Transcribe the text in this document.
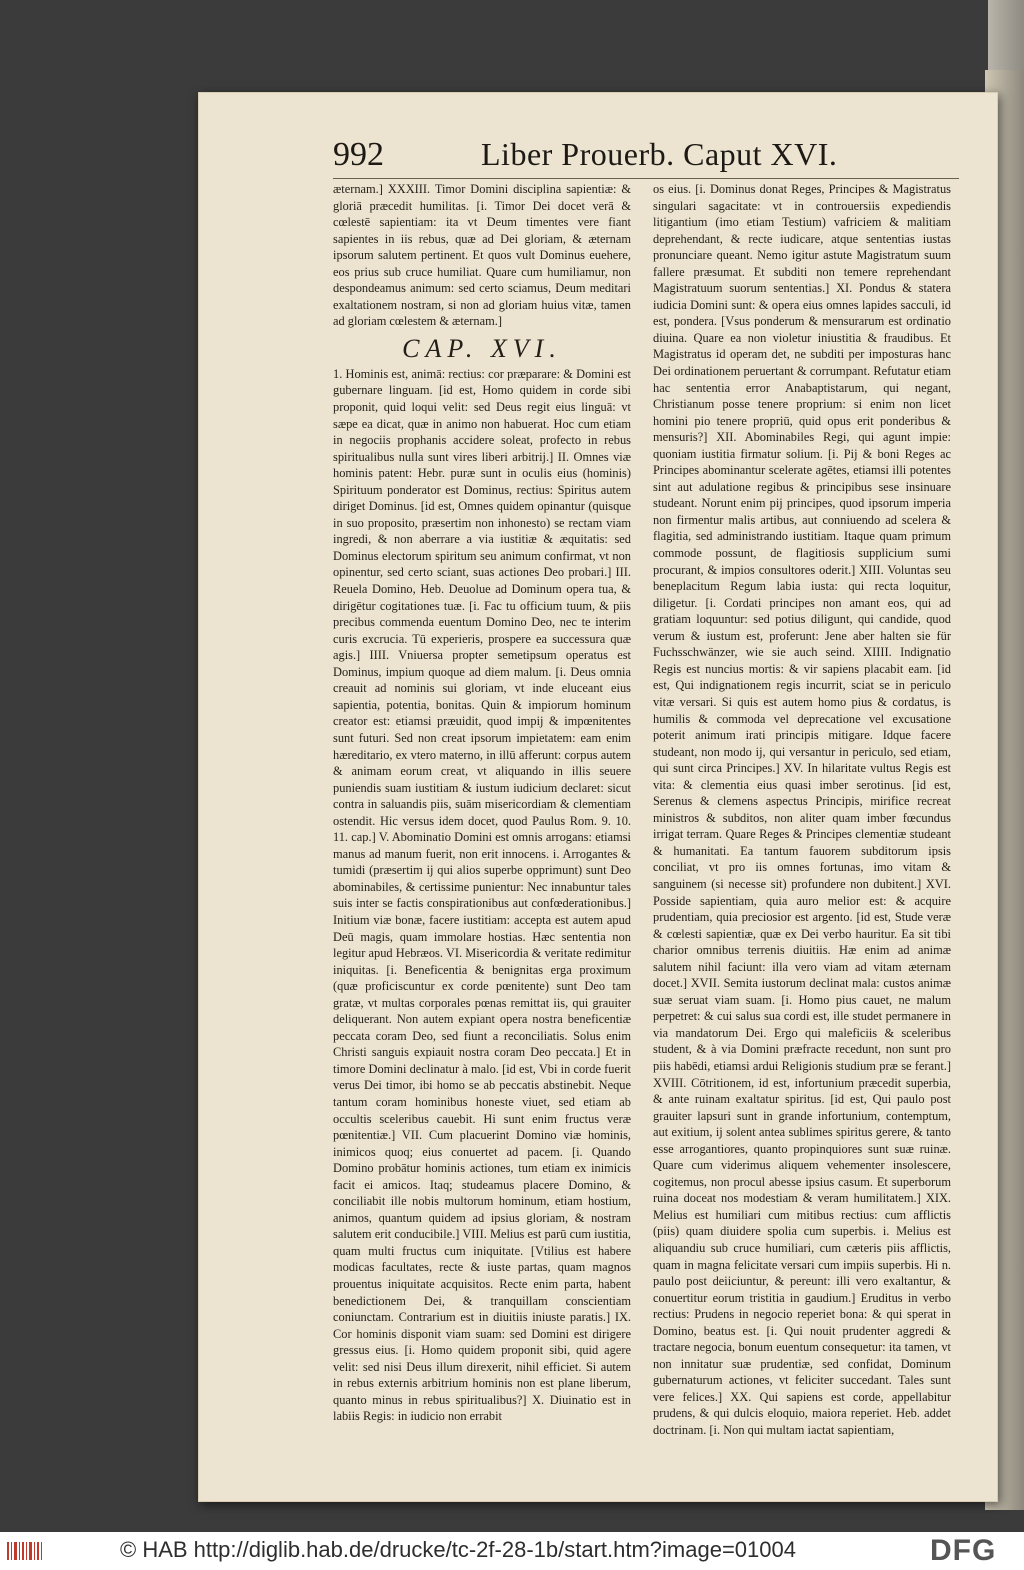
992	Liber Prouerb. Caput XVI.

æternam.] XXXIII. Timor Domini disciplina sapientiæ: & gloriā præcedit humilitas. [i. Timor Dei docet verā & cœlestē sapientiam: ita vt Deum timentes vere fiant sapientes in iis rebus, quæ ad Dei gloriam, & æternam ipsorum salutem pertinent. Et quos vult Dominus euehere, eos prius sub cruce humiliat. Quare cum humiliamur, non despondeamus animum: sed certo sciamus, Deum meditari exaltationem nostram, si non ad gloriam huius vitæ, tamen ad gloriam cœlestem & æternam.]

CAP. XVI.

1. Hominis est, animā: rectius: cor præparare: & Domini est gubernare linguam. [id est, Homo quidem in corde sibi proponit, quid loqui velit: sed Deus regit eius linguā: vt sæpe ea dicat, quæ in animo non habuerat. Hoc cum etiam in negociis prophanis accidere soleat, profecto in rebus spiritualibus nulla sunt vires liberi arbitrij.] II. Omnes viæ hominis patent: Hebr. puræ sunt in oculis eius (hominis) Spirituum ponderator est Dominus, rectius: Spiritus autem diriget Dominus. [id est, Omnes quidem opinantur (quisque in suo proposito, præsertim non inhonesto) se rectam viam ingredi, & non aberrare a via iustitiæ & æquitatis: sed Dominus electorum spiritum seu animum confirmat, vt non opinentur, sed certo sciant, suas actiones Deo probari.] III. Reuela Domino, Heb. Deuolue ad Dominum opera tua, & dirigētur cogitationes tuæ. [i. Fac tu officium tuum, & piis precibus commenda euentum Domino Deo, nec te interim curis excrucia. Tū experieris, prospere ea successura quæ agis.] IIII. Vniuersa propter semetipsum operatus est Dominus, impium quoque ad diem malum. [i. Deus omnia creauit ad nominis sui gloriam, vt inde eluceant eius sapientia, potentia, bonitas. Quin & impiorum hominum creator est: etiamsi præuidit, quod impij & impœnitentes sunt futuri. Sed non creat ipsorum impietatem: eam enim hæreditario, ex vtero materno, in illū afferunt: corpus autem & animam eorum creat, vt aliquando in illis seuere puniendis suam iustitiam & iustum iudicium declaret: sicut contra in saluandis piis, suām misericordiam & clementiam ostendit. Hic versus idem docet, quod Paulus Rom. 9. 10. 11. cap.] V. Abominatio Domini est omnis arrogans: etiamsi manus ad manum fuerit, non erit innocens. i. Arrogantes & tumidi (præsertim ij qui alios superbe opprimunt) sunt Deo abominabiles, & certissime punientur: Nec innabuntur tales suis inter se factis conspirationibus aut confœderationibus.] Initium viæ bonæ, facere iustitiam: accepta est autem apud Deū magis, quam immolare hostias. Hæc sententia non legitur apud Hebræos. VI. Misericordia & veritate redimitur iniquitas. [i. Beneficentia & benignitas erga proximum (quæ proficiscuntur ex corde pœnitente) sunt Deo tam gratæ, vt multas corporales pœnas remittat iis, qui grauiter deliquerant. Non autem expiant opera nostra beneficentiæ peccata coram Deo, sed fiunt a reconciliatis. Solus enim Christi sanguis expiauit nostra coram Deo peccata.] Et in timore Domini declinatur à malo. [id est, Vbi in corde fuerit verus Dei timor, ibi homo se ab peccatis abstinebit. Neque tantum coram hominibus honeste viuet, sed etiam ab occultis sceleribus cauebit. Hi sunt enim fructus veræ pœnitentiæ.] VII. Cum placuerint Domino viæ hominis, inimicos quoq; eius conuertet ad pacem. [i. Quando Domino probātur hominis actiones, tum etiam ex inimicis facit ei amicos. Itaq; studeamus placere Domino, & conciliabit ille nobis multorum hominum, etiam hostium, animos, quantum quidem ad ipsius gloriam, & nostram salutem erit conducibile.] VIII. Melius est parū cum iustitia, quam multi fructus cum iniquitate. [Vtilius est habere modicas facultates, recte & iuste partas, quam magnos prouentus iniquitate acquisitos. Recte enim parta, habent benedictionem Dei, & tranquillam conscientiam coniunctam. Contrarium est in diuitiis iniuste paratis.] IX. Cor hominis disponit viam suam: sed Domini est dirigere gressus eius. [i. Homo quidem proponit sibi, quid agere velit: sed nisi Deus illum direxerit, nihil efficiet. Si autem in rebus externis arbitrium hominis non est plane liberum, quanto minus in rebus spiritualibus?] X. Diuinatio est in labiis Regis: in iudicio non errabit

os eius. [i. Dominus donat Reges, Principes & Magistratus singulari sagacitate: vt in controuersiis expediendis litigantium (imo etiam Testium) vafriciem & malitiam deprehendant, & recte iudicare, atque sententias iustas pronunciare queant. Nemo igitur astute Magistratum suum fallere præsumat. Et subditi non temere reprehendant Magistratuum suorum sententias.] XI. Pondus & statera iudicia Domini sunt: & opera eius omnes lapides sacculi, id est, pondera. [Vsus ponderum & mensurarum est ordinatio diuina. Quare ea non violetur iniustitia & fraudibus. Et Magistratus id operam det, ne subditi per imposturas hanc Dei ordinationem peruertant & corrumpant. Refutatur etiam hac sententia error Anabaptistarum, qui negant, Christianum posse tenere proprium: si enim non licet homini pio tenere propriū, quid opus erit ponderibus & mensuris?] XII. Abominabiles Regi, qui agunt impie: quoniam iustitia firmatur solium. [i. Pij & boni Reges ac Principes abominantur scelerate agētes, etiamsi illi potentes sint aut adulatione regibus & principibus sese insinuare studeant. Norunt enim pij principes, quod ipsorum imperia non firmentur malis artibus, aut conniuendo ad scelera & flagitia, sed administrando iustitiam. Itaque quam primum commode possunt, de flagitiosis supplicium sumi procurant, & impios consultores oderit.] XIII. Voluntas seu beneplacitum Regum labia iusta: qui recta loquitur, diligetur. [i. Cordati principes non amant eos, qui ad gratiam loquuntur: sed potius diligunt, qui candide, quod verum & iustum est, proferunt: Jene aber halten sie für Fuchsschwänzer, wie sie auch seind. XIIII. Indignatio Regis est nuncius mortis: & vir sapiens placabit eam. [id est, Qui indignationem regis incurrit, sciat se in periculo vitæ versari. Si quis est autem homo pius & cordatus, is humilis & commoda vel deprecatione vel excusatione poterit animum irati principis mitigare. Idque facere studeant, non modo ij, qui versantur in periculo, sed etiam, qui sunt circa Principes.] XV. In hilaritate vultus Regis est vita: & clementia eius quasi imber serotinus. [id est, Serenus & clemens aspectus Principis, mirifice recreat ministros & subditos, non aliter quam imber fœcundus irrigat terram. Quare Reges & Principes clementiæ studeant & humanitati. Ea tantum fauorem subditorum ipsis conciliat, vt pro iis omnes fortunas, imo vitam & sanguinem (si necesse sit) profundere non dubitent.] XVI. Posside sapientiam, quia auro melior est: & acquire prudentiam, quia preciosior est argento. [id est, Stude veræ & cœlesti sapientiæ, quæ ex Dei verbo hauritur. Ea sit tibi charior omnibus terrenis diuitiis. Hæ enim ad animæ salutem nihil faciunt: illa vero viam ad vitam æternam docet.] XVII. Semita iustorum declinat mala: custos animæ suæ seruat viam suam. [i. Homo pius cauet, ne malum perpetret: & cui salus sua cordi est, ille studet permanere in via mandatorum Dei. Ergo qui maleficiis & sceleribus student, & à via Domini præfracte recedunt, non sunt pro piis habēdi, etiamsi ardui Religionis studium præ se ferant.] XVIII. Cōtritionem, id est, infortunium præcedit superbia, & ante ruinam exaltatur spiritus. [id est, Qui paulo post grauiter lapsuri sunt in grande infortunium, contemptum, aut exitium, ij solent antea sublimes spiritus gerere, & tanto esse arrogantiores, quanto propinquiores sunt suæ ruinæ. Quare cum viderimus aliquem vehementer insolescere, cogitemus, non procul abesse ipsius casum. Et superborum ruina doceat nos modestiam & veram humilitatem.] XIX. Melius est humiliari cum mitibus rectius: cum afflictis (piis) quam diuidere spolia cum superbis. i. Melius est aliquandiu sub cruce humiliari, cum cæteris piis afflictis, quam in magna felicitate versari cum impiis superbis. Hi n. paulo post deiiciuntur, & pereunt: illi vero exaltantur, & conuertitur eorum tristitia in gaudium.] Eruditus in verbo rectius: Prudens in negocio reperiet bona: & qui sperat in Domino, beatus est. [i. Qui nouit prudenter aggredi & tractare negocia, bonum euentum consequetur: ita tamen, vt non innitatur suæ prudentiæ, sed confidat, Dominum gubernaturum actiones, vt feliciter succedant. Tales sunt vere felices.] XX. Qui sapiens est corde, appellabitur prudens, & qui dulcis eloquio, maiora reperiet. Heb. addet doctrinam. [i. Non qui multam iactat sapientiam,

© HAB http://diglib.hab.de/drucke/tc-2f-28-1b/start.htm?image=01004	DFG
